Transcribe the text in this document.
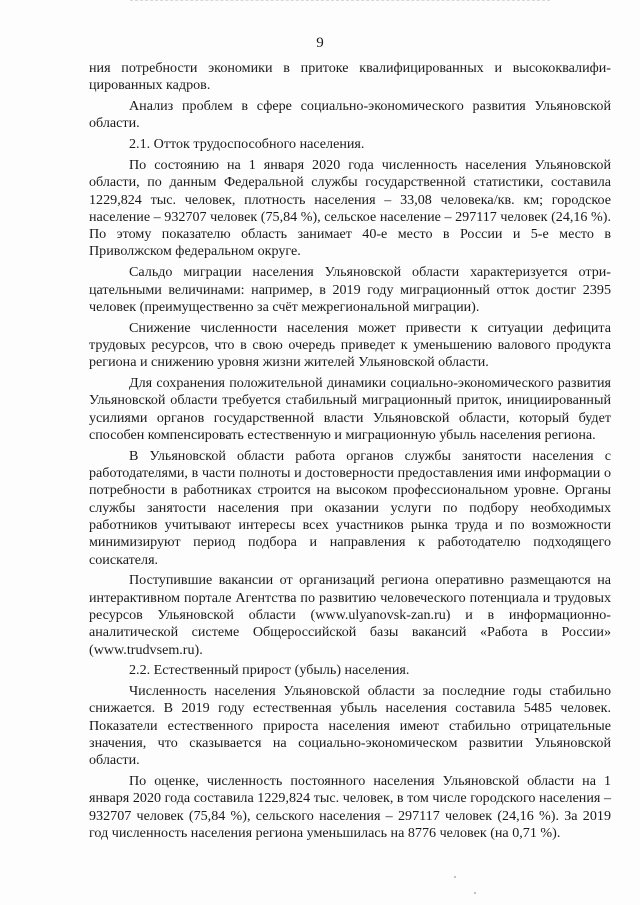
9

ния потребности экономики в притоке квалифицированных и высококвалифицированных кадров.

Анализ проблем в сфере социально-экономического развития Ульяновской области.

2.1. Отток трудоспособного населения.

По состоянию на 1 января 2020 года численность населения Ульяновской области, по данным Федеральной службы государственной статистики, составила 1229,824 тыс. человек, плотность населения – 33,08 человека/кв. км; городское население – 932707 человек (75,84 %), сельское население – 297117 человек (24,16 %). По этому показателю область занимает 40-е место в России и 5-е место в Приволжском федеральном округе.

Сальдо миграции населения Ульяновской области характеризуется отрицательными величинами: например, в 2019 году миграционный отток достиг 2395 человек (преимущественно за счёт межрегиональной миграции).

Снижение численности населения может привести к ситуации дефицита трудовых ресурсов, что в свою очередь приведет к уменьшению валового продукта региона и снижению уровня жизни жителей Ульяновской области.

Для сохранения положительной динамики социально-экономического развития Ульяновской области требуется стабильный миграционный приток, инициированный усилиями органов государственной власти Ульяновской области, который будет способен компенсировать естественную и миграционную убыль населения региона.

В Ульяновской области работа органов службы занятости населения с работодателями, в части полноты и достоверности предоставления ими информации о потребности в работниках строится на высоком профессиональном уровне. Органы службы занятости населения при оказании услуги по подбору необходимых работников учитывают интересы всех участников рынка труда и по возможности минимизируют период подбора и направления к работодателю подходящего соискателя.

Поступившие вакансии от организаций региона оперативно размещаются на интерактивном портале Агентства по развитию человеческого потенциала и трудовых ресурсов Ульяновской области (www.ulyanovsk-zan.ru) и в информационно-аналитической системе Общероссийской базы вакансий «Работа в России» (www.trudvsem.ru).

2.2. Естественный прирост (убыль) населения.

Численность населения Ульяновской области за последние годы стабильно снижается. В 2019 году естественная убыль населения составила 5485 человек. Показатели естественного прироста населения имеют стабильно отрицательные значения, что сказывается на социально-экономическом развитии Ульяновской области.

По оценке, численность постоянного населения Ульяновской области на 1 января 2020 года составила 1229,824 тыс. человек, в том числе городского населения – 932707 человек (75,84 %), сельского населения – 297117 человек (24,16 %). За 2019 год численность населения региона уменьшилась на 8776 человек (на 0,71 %).
